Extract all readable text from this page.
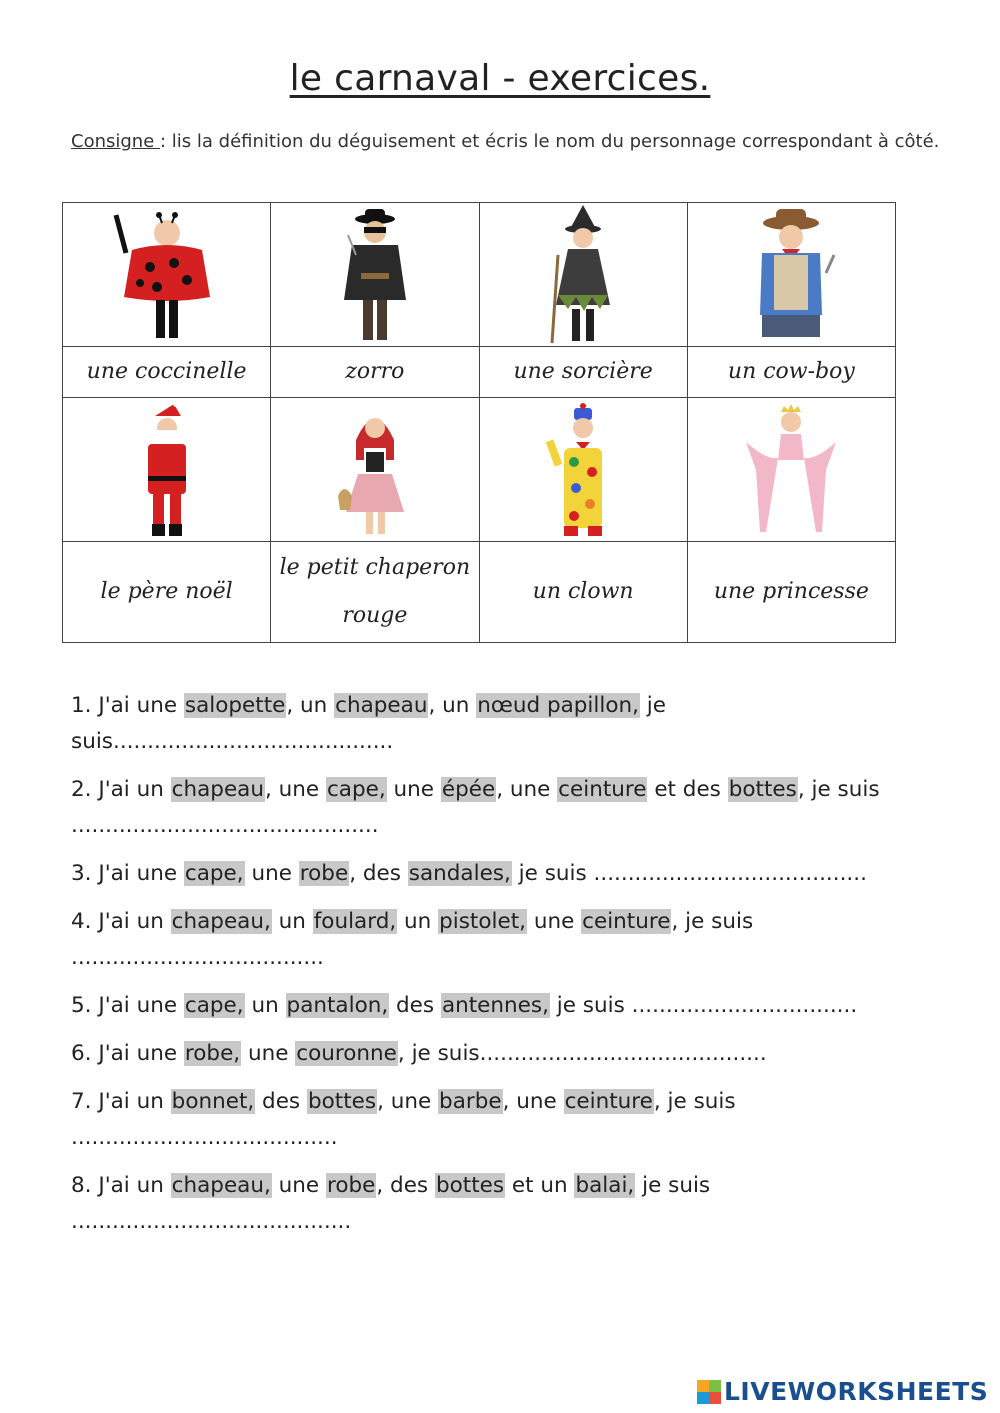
le carnaval - exercices.
Consigne : lis la définition du déguisement et écris le nom du personnage correspondant à côté.

une coccinelle	zorro	une sorcière	un cow-boy

le père noël	le petit chaperon rouge	un clown	une princesse
1. J'ai une salopette, un chapeau, un nœud papillon, je suis.........................................
2. J'ai un chapeau, une cape, une épée, une ceinture et des bottes, je suis .............................................
3. J'ai une cape, une robe, des sandales, je suis ........................................
4. J'ai un chapeau, un foulard, un pistolet, une ceinture, je suis .....................................
5. J'ai une cape, un pantalon, des antennes, je suis .................................
6. J'ai une robe, une couronne, je suis..........................................
7. J'ai un bonnet, des bottes, une barbe, une ceinture, je suis .......................................
8. J'ai un chapeau, une robe, des bottes et un balai, je suis .........................................
LIVEWORKSHEETS
